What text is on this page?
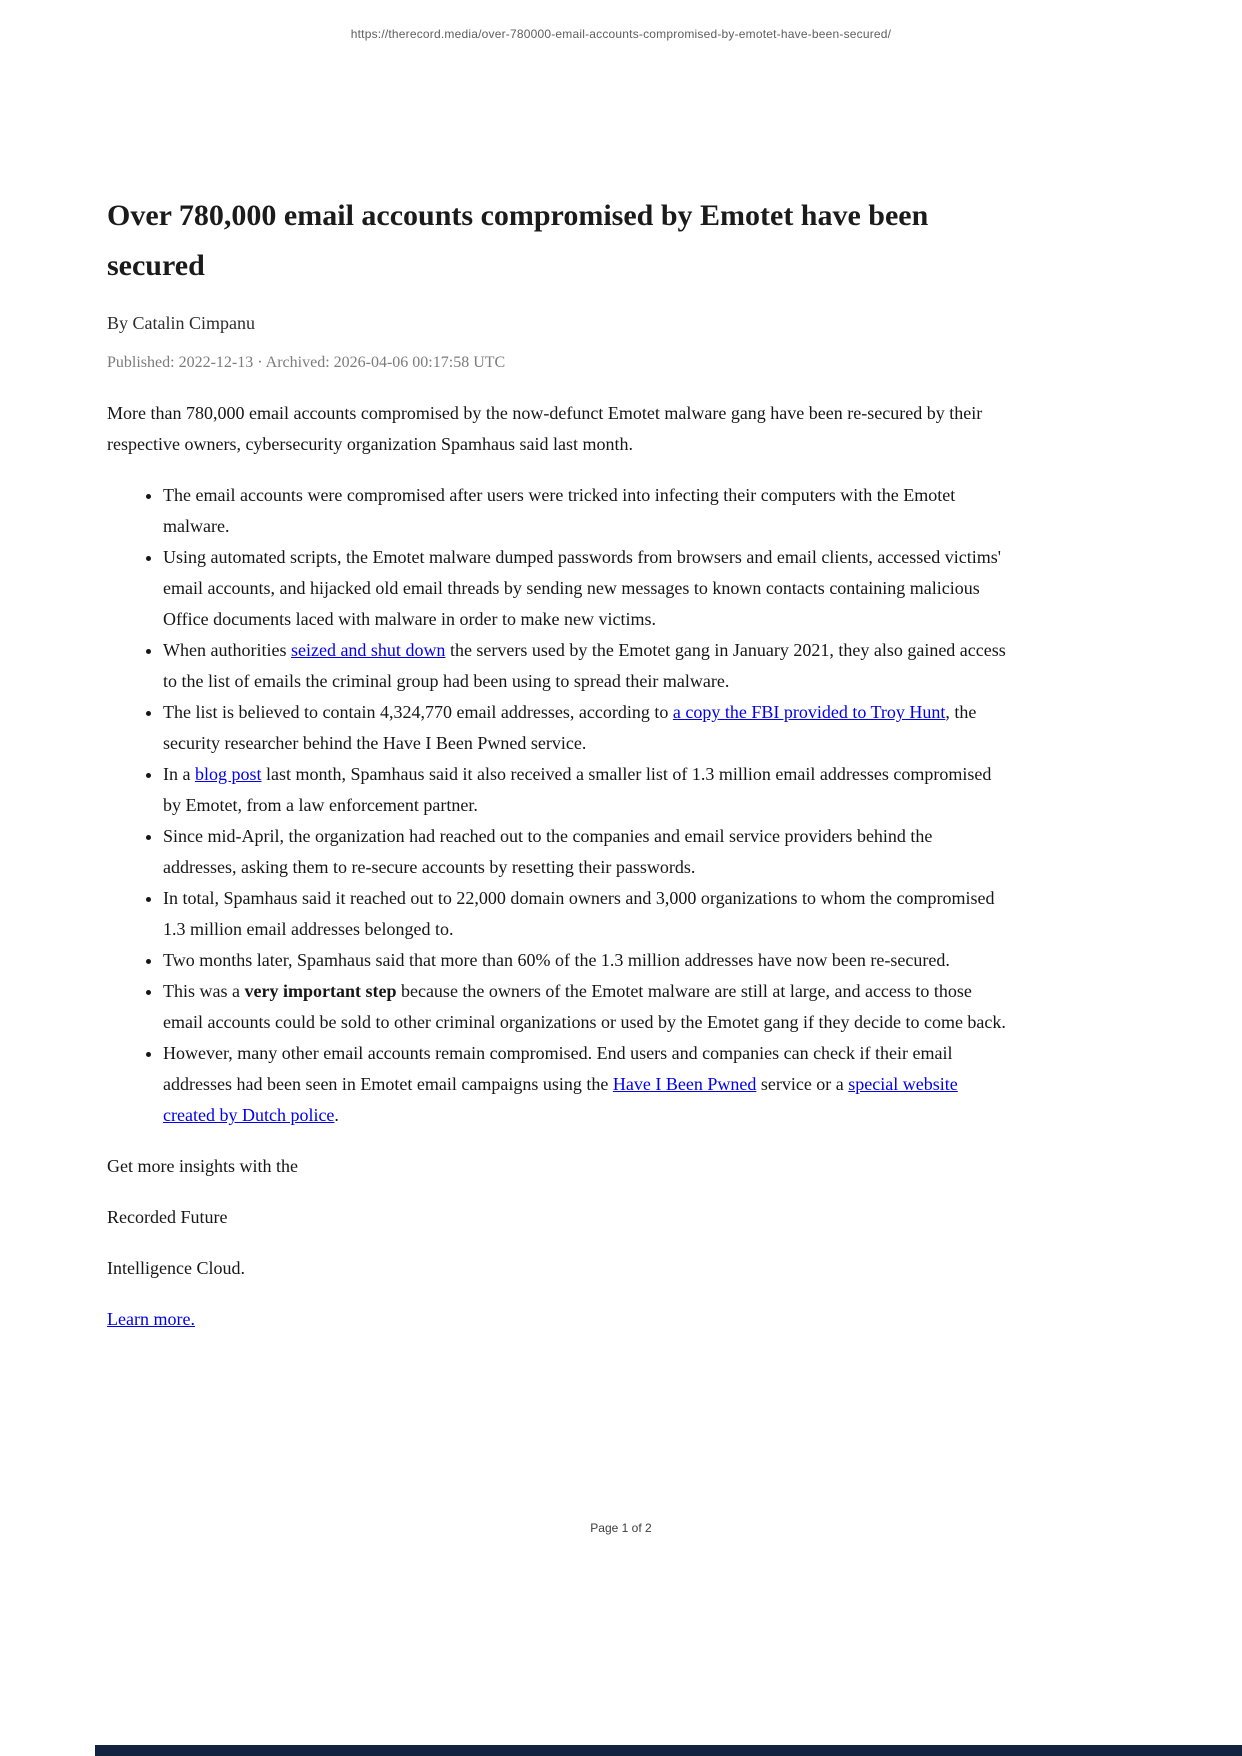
https://therecord.media/over-780000-email-accounts-compromised-by-emotet-have-been-secured/
Over 780,000 email accounts compromised by Emotet have been secured

By Catalin Cimpanu

Published: 2022-12-13 · Archived: 2026-04-06 00:17:58 UTC

More than 780,000 email accounts compromised by the now-defunct Emotet malware gang have been re-secured by their respective owners, cybersecurity organization Spamhaus said last month.

• The email accounts were compromised after users were tricked into infecting their computers with the Emotet malware.
• Using automated scripts, the Emotet malware dumped passwords from browsers and email clients, accessed victims' email accounts, and hijacked old email threads by sending new messages to known contacts containing malicious Office documents laced with malware in order to make new victims.
• When authorities seized and shut down the servers used by the Emotet gang in January 2021, they also gained access to the list of emails the criminal group had been using to spread their malware.
• The list is believed to contain 4,324,770 email addresses, according to a copy the FBI provided to Troy Hunt, the security researcher behind the Have I Been Pwned service.
• In a blog post last month, Spamhaus said it also received a smaller list of 1.3 million email addresses compromised by Emotet, from a law enforcement partner.
• Since mid-April, the organization had reached out to the companies and email service providers behind the addresses, asking them to re-secure accounts by resetting their passwords.
• In total, Spamhaus said it reached out to 22,000 domain owners and 3,000 organizations to whom the compromised 1.3 million email addresses belonged to.
• Two months later, Spamhaus said that more than 60% of the 1.3 million addresses have now been re-secured.
• This was a very important step because the owners of the Emotet malware are still at large, and access to those email accounts could be sold to other criminal organizations or used by the Emotet gang if they decide to come back.
• However, many other email accounts remain compromised. End users and companies can check if their email addresses had been seen in Emotet email campaigns using the Have I Been Pwned service or a special website created by Dutch police.

Get more insights with the

Recorded Future

Intelligence Cloud.

Learn more.

Page 1 of 2
